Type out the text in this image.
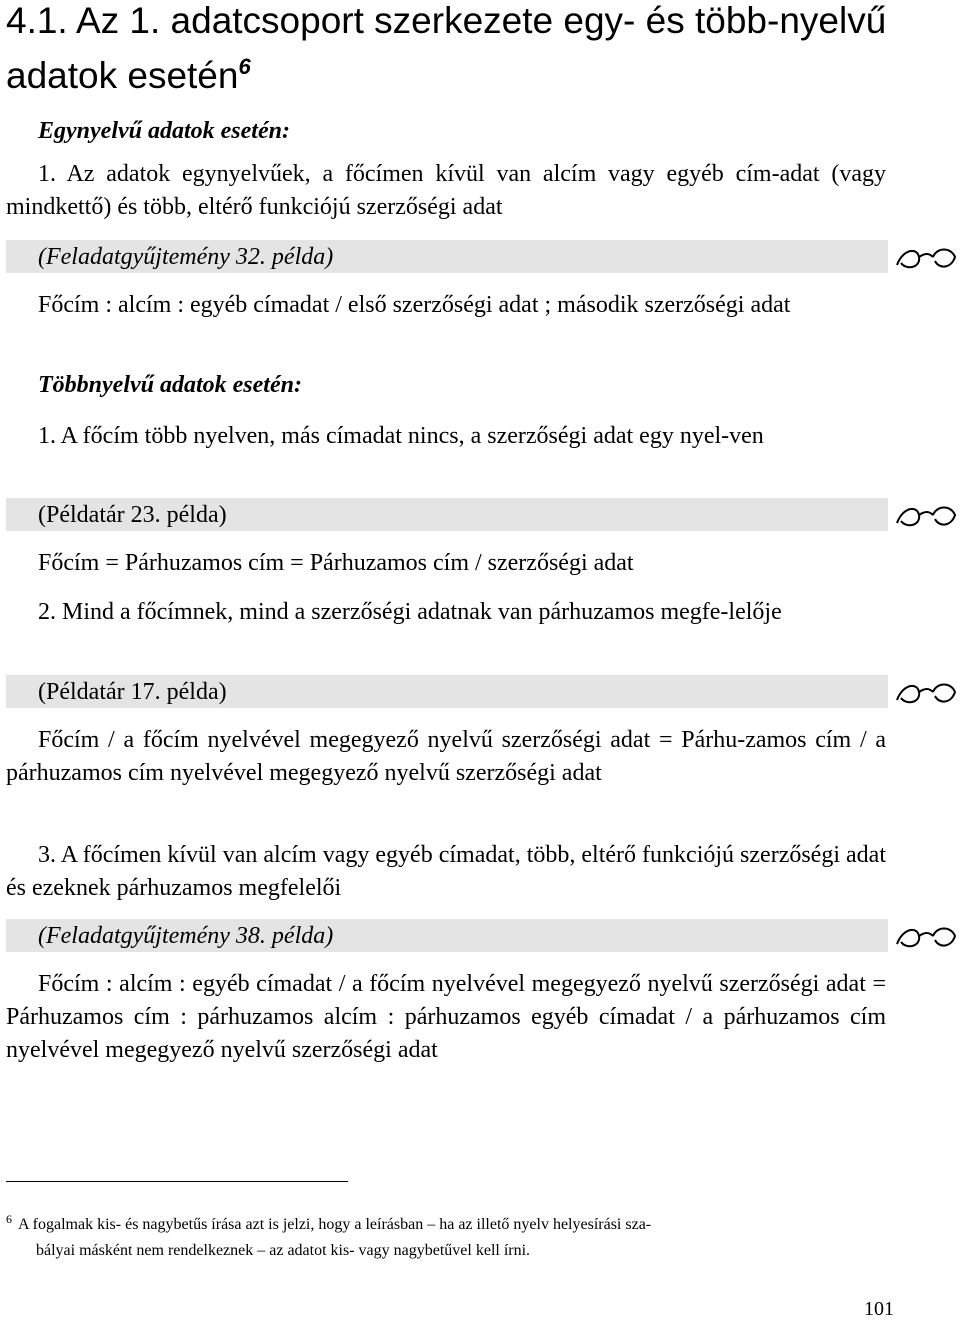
4.1. Az 1. adatcsoport szerkezete egy- és több-nyelvű adatok esetén$^6$
Egynyelvű adatok esetén:
1. Az adatok egynyelvűek, a főcímen kívül van alcím vagy egyéb cím-adat (vagy mindkettő) és több, eltérő funkciójú szerzőségi adat
(Feladatgyűjtemény 32. példa)
Főcím : alcím : egyéb címadat / első szerzőségi adat ; második szerzőségi adat
Többnyelvű adatok esetén:
1. A főcím több nyelven, más címadat nincs, a szerzőségi adat egy nyel-ven
(Példatár 23. példa)
Főcím = Párhuzamos cím = Párhuzamos cím / szerzőségi adat
2. Mind a főcímnek, mind a szerzőségi adatnak van párhuzamos megfe-lelője
(Példatár 17. példa)
Főcím / a főcím nyelvével megegyező nyelvű szerzőségi adat = Párhu-zamos cím / a párhuzamos cím nyelvével megegyező nyelvű szerzőségi adat
3. A főcímen kívül van alcím vagy egyéb címadat, több, eltérő funkciójú szerzőségi adat és ezeknek párhuzamos megfelelői
(Feladatgyűjtemény 38. példa)
Főcím : alcím : egyéb címadat / a főcím nyelvével megegyező nyelvű szerzőségi adat = Párhuzamos cím : párhuzamos alcím : párhuzamos egyéb címadat / a párhuzamos cím nyelvével megegyező nyelvű szerzőségi adat
$^6$ A fogalmak kis- és nagybetűs írása azt is jelzi, hogy a leírásban – ha az illető nyelv helyesírási sza-
bályai másként nem rendelkeznek – az adatot kis- vagy nagybetűvel kell írni.
101
